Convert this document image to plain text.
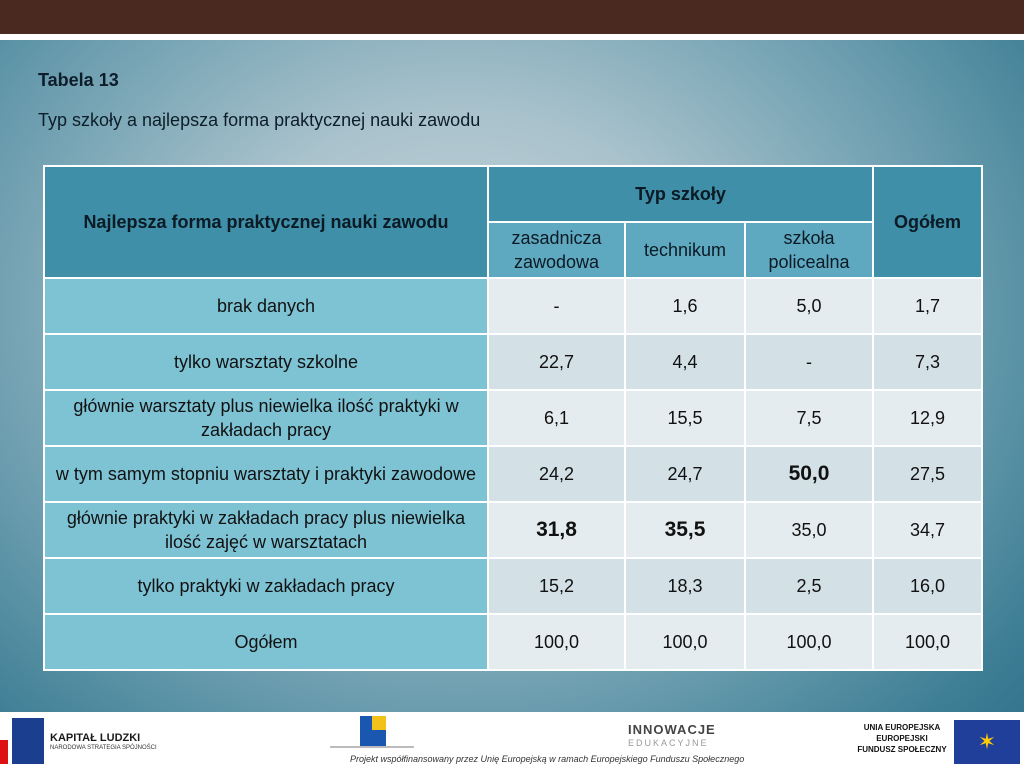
Tabela 13
Typ szkoły a najlepsza forma praktycznej nauki zawodu
Najlepsza forma praktycznej nauki zawodu	Typ szkoły			Ogółem
	zasadnicza zawodowa	technikum	szkoła policealna	
brak danych	-	1,6	5,0	1,7
tylko warsztaty szkolne	22,7	4,4	-	7,3
głównie warsztaty plus niewielka ilość praktyki w zakładach pracy	6,1	15,5	7,5	12,9
w tym samym stopniu warsztaty i praktyki zawodowe	24,2	24,7	50,0	27,5
głównie praktyki w zakładach pracy plus niewielka ilość zajęć w warsztatach	31,8	35,5	35,0	34,7
tylko praktyki w zakładach pracy	15,2	18,3	2,5	16,0
Ogółem	100,0	100,0	100,0	100,0
KAPITAŁ LUDZKI
NARODOWA STRATEGIA SPÓJNOŚCI
Projekt współfinansowany przez Unię Europejską w ramach Europejskiego Funduszu Społecznego
INNOWACJE
EDUKACYJNE
UNIA EUROPEJSKA
EUROPEJSKI
FUNDUSZ SPOŁECZNY	✶
